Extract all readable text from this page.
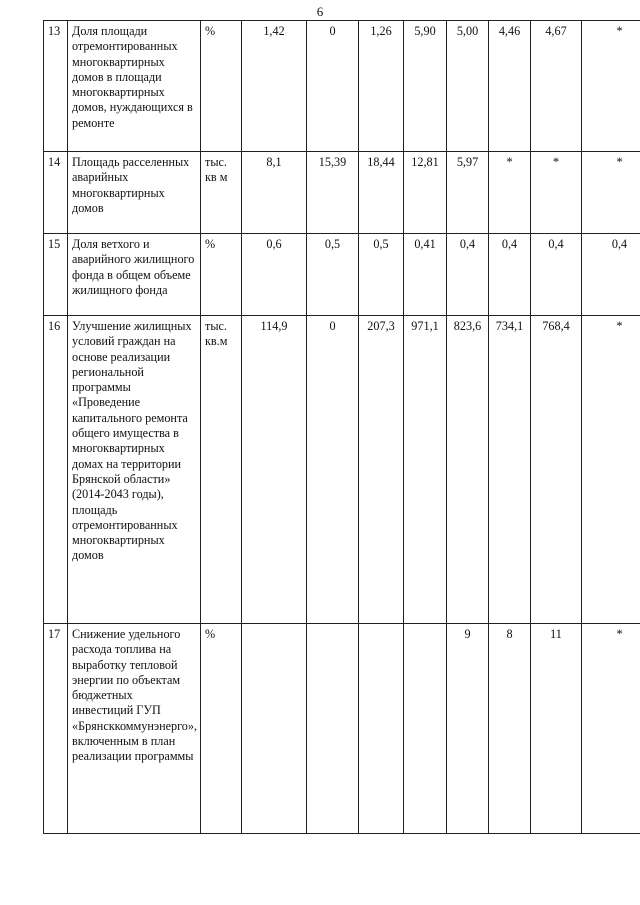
6
13	Доля площади отремонтированных многоквартирных домов в площади многоквартирных домов, нуждающихся в ремонте	%	1,42	0	1,26	5,90	5,00	4,46	4,67	*
14	Площадь расселенных аварийных многоквартирных домов	тыс. кв м	8,1	15,39	18,44	12,81	5,97	*	*	*
15	Доля ветхого и аварийного жилищного фонда в общем объеме жилищного фонда	%	0,6	0,5	0,5	0,41	0,4	0,4	0,4	0,4
16	Улучшение жилищных условий граждан на основе реализации региональной программы «Проведение капитального ремонта общего имущества в многоквартирных домах на территории Брянской области» (2014-2043 годы), площадь отремонтированных многоквартирных домов	тыс. кв.м	114,9	0	207,3	971,1	823,6	734,1	768,4	*
17	Снижение удельного расхода топлива на выработку тепловой энергии по объектам бюджетных инвестиций ГУП «Брянсккоммунэнерго», включенным в план реализации программы	%					9	8	11	*
